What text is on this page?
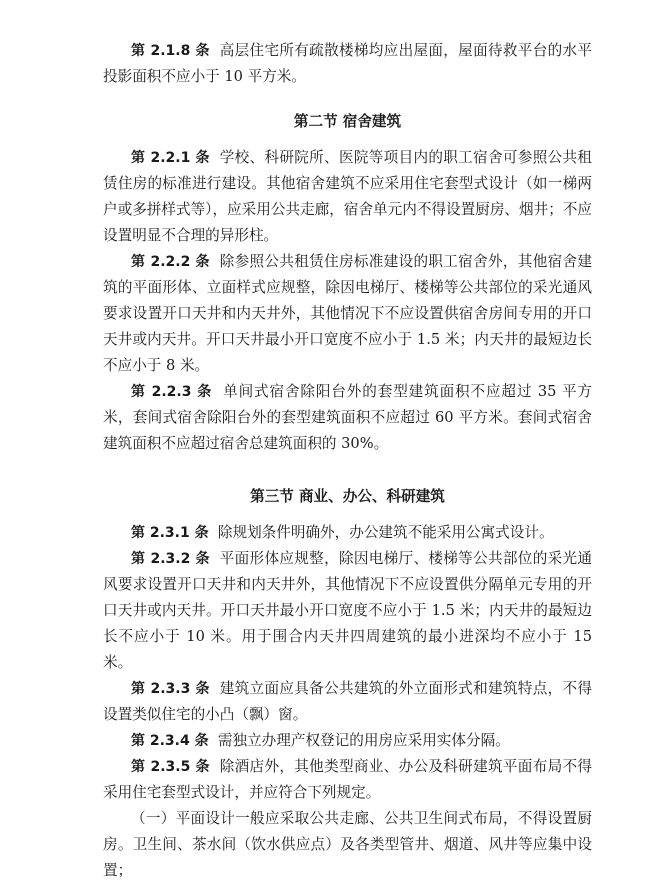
第 2.1.8 条 高层住宅所有疏散楼梯均应出屋面，屋面待救平台的水平投影面积不应小于 10 平方米。

第二节 宿舍建筑

第 2.2.1 条 学校、科研院所、医院等项目内的职工宿舍可参照公共租赁住房的标准进行建设。其他宿舍建筑不应采用住宅套型式设计（如一梯两户或多拼样式等），应采用公共走廊，宿舍单元内不得设置厨房、烟井；不应设置明显不合理的异形柱。

第 2.2.2 条 除参照公共租赁住房标准建设的职工宿舍外，其他宿舍建筑的平面形体、立面样式应规整，除因电梯厅、楼梯等公共部位的采光通风要求设置开口天井和内天井外，其他情况下不应设置供宿舍房间专用的开口天井或内天井。开口天井最小开口宽度不应小于 1.5 米；内天井的最短边长不应小于 8 米。

第 2.2.3 条 单间式宿舍除阳台外的套型建筑面积不应超过 35 平方米，套间式宿舍除阳台外的套型建筑面积不应超过 60 平方米。套间式宿舍建筑面积不应超过宿舍总建筑面积的 30%。

第三节 商业、办公、科研建筑

第 2.3.1 条 除规划条件明确外，办公建筑不能采用公寓式设计。

第 2.3.2 条 平面形体应规整，除因电梯厅、楼梯等公共部位的采光通风要求设置开口天井和内天井外，其他情况下不应设置供分隔单元专用的开口天井或内天井。开口天井最小开口宽度不应小于 1.5 米；内天井的最短边长不应小于 10 米。用于围合内天井四周建筑的最小进深均不应小于 15 米。

第 2.3.3 条 建筑立面应具备公共建筑的外立面形式和建筑特点，不得设置类似住宅的小凸（飘）窗。

第 2.3.4 条 需独立办理产权登记的用房应采用实体分隔。

第 2.3.5 条 除酒店外，其他类型商业、办公及科研建筑平面布局不得采用住宅套型式设计，并应符合下列规定。

（一）平面设计一般应采取公共走廊、公共卫生间式布局，不得设置厨房。卫生间、茶水间（饮水供应点）及各类型管井、烟道、风井等应集中设置；
